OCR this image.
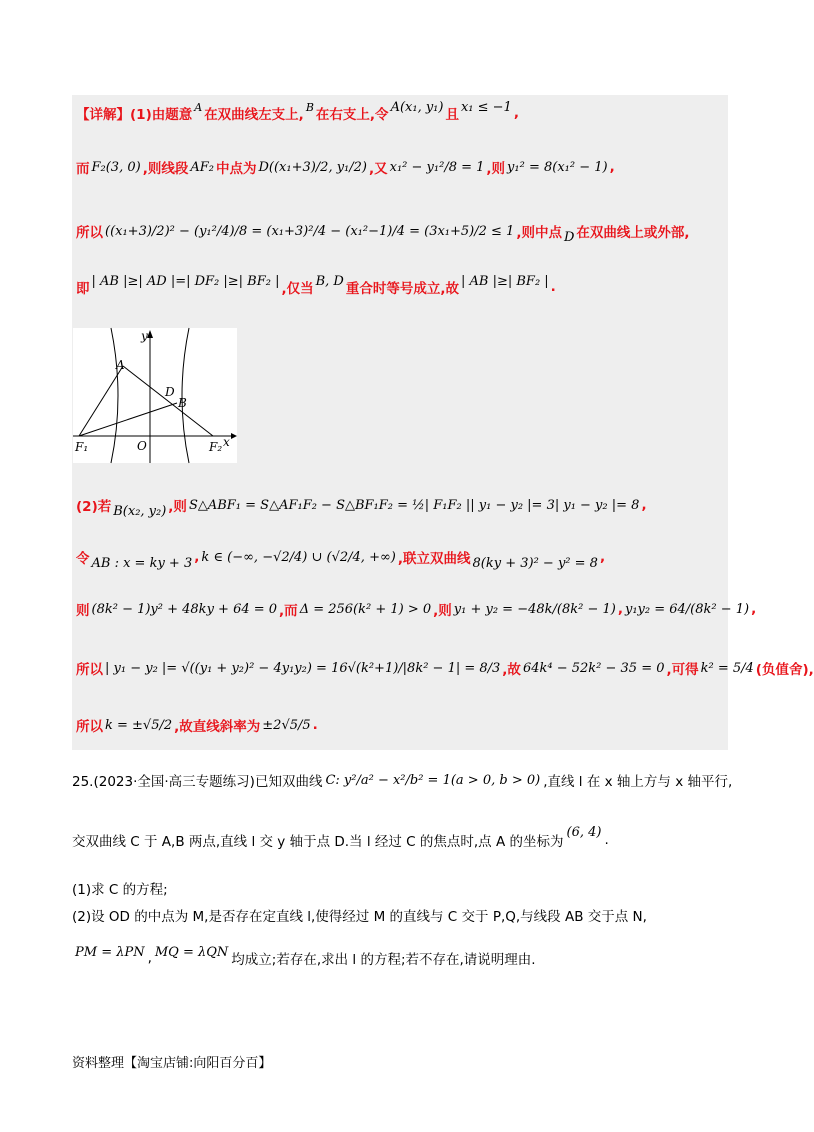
【详解】(1)由题意 A 在双曲线左支上, B 在右支上,令 A(x₁, y₁) 且 x₁ ≤ −1 ,
而 F₂(3, 0) ,则线段 AF₂ 中点为 D((x₁+3)/2, y₁/2) ,又 x₁² − y₁²/8 = 1 ,则 y₁² = 8(x₁² − 1) ,
所以 ((x₁+3)/2)² − (y₁²/4)/8 = (x₁+3)²/4 − (x₁²−1)/4 = (3x₁+5)/2 ≤ 1 ,则中点 D 在双曲线上或外部,
即 | AB |≥| AD |=| DF₂ |≥| BF₂ | ,仅当 B, D 重合时等号成立,故 | AB |≥| BF₂ | .
(2)若 B(x₂, y₂) ,则 S△ABF₁ = S△AF₁F₂ − S△BF₁F₂ = ½| F₁F₂ || y₁ − y₂ |= 3| y₁ − y₂ |= 8 ,
令 AB : x = ky + 3 , k ∈ (−∞, −√2/4) ∪ (√2/4, +∞) ,联立双曲线 8(ky + 3)² − y² = 8 ,
则 (8k² − 1)y² + 48ky + 64 = 0 ,而 Δ = 256(k² + 1) > 0 ,则 y₁ + y₂ = −48k/(8k² − 1) , y₁y₂ = 64/(8k² − 1) ,
所以 | y₁ − y₂ |= √((y₁ + y₂)² − 4y₁y₂) = 16√(k²+1)/|8k² − 1| = 8/3 ,故 64k⁴ − 52k² − 35 = 0 ,可得 k² = 5/4 (负值舍),
所以 k = ±√5/2 ,故直线斜率为 ±2√5/5 .
A
D
B
F₁	O	F₂ x
y
25.(2023·全国·高三专题练习)已知双曲线 C: y²/a² − x²/b² = 1(a > 0, b > 0) ,直线 l 在 x 轴上方与 x 轴平行,
交双曲线 C 于 A,B 两点,直线 l 交 y 轴于点 D.当 l 经过 C 的焦点时,点 A 的坐标为
(6, 4) .
(1)求 C 的方程;
(2)设 OD 的中点为 M,是否存在定直线 l,使得经过 M 的直线与 C 交于 P,Q,与线段 AB 交于点 N,
PM = λPN , MQ = λQN 均成立;若存在,求出 l 的方程;若不存在,请说明理由.
资料整理【淘宝店铺:向阳百分百】
